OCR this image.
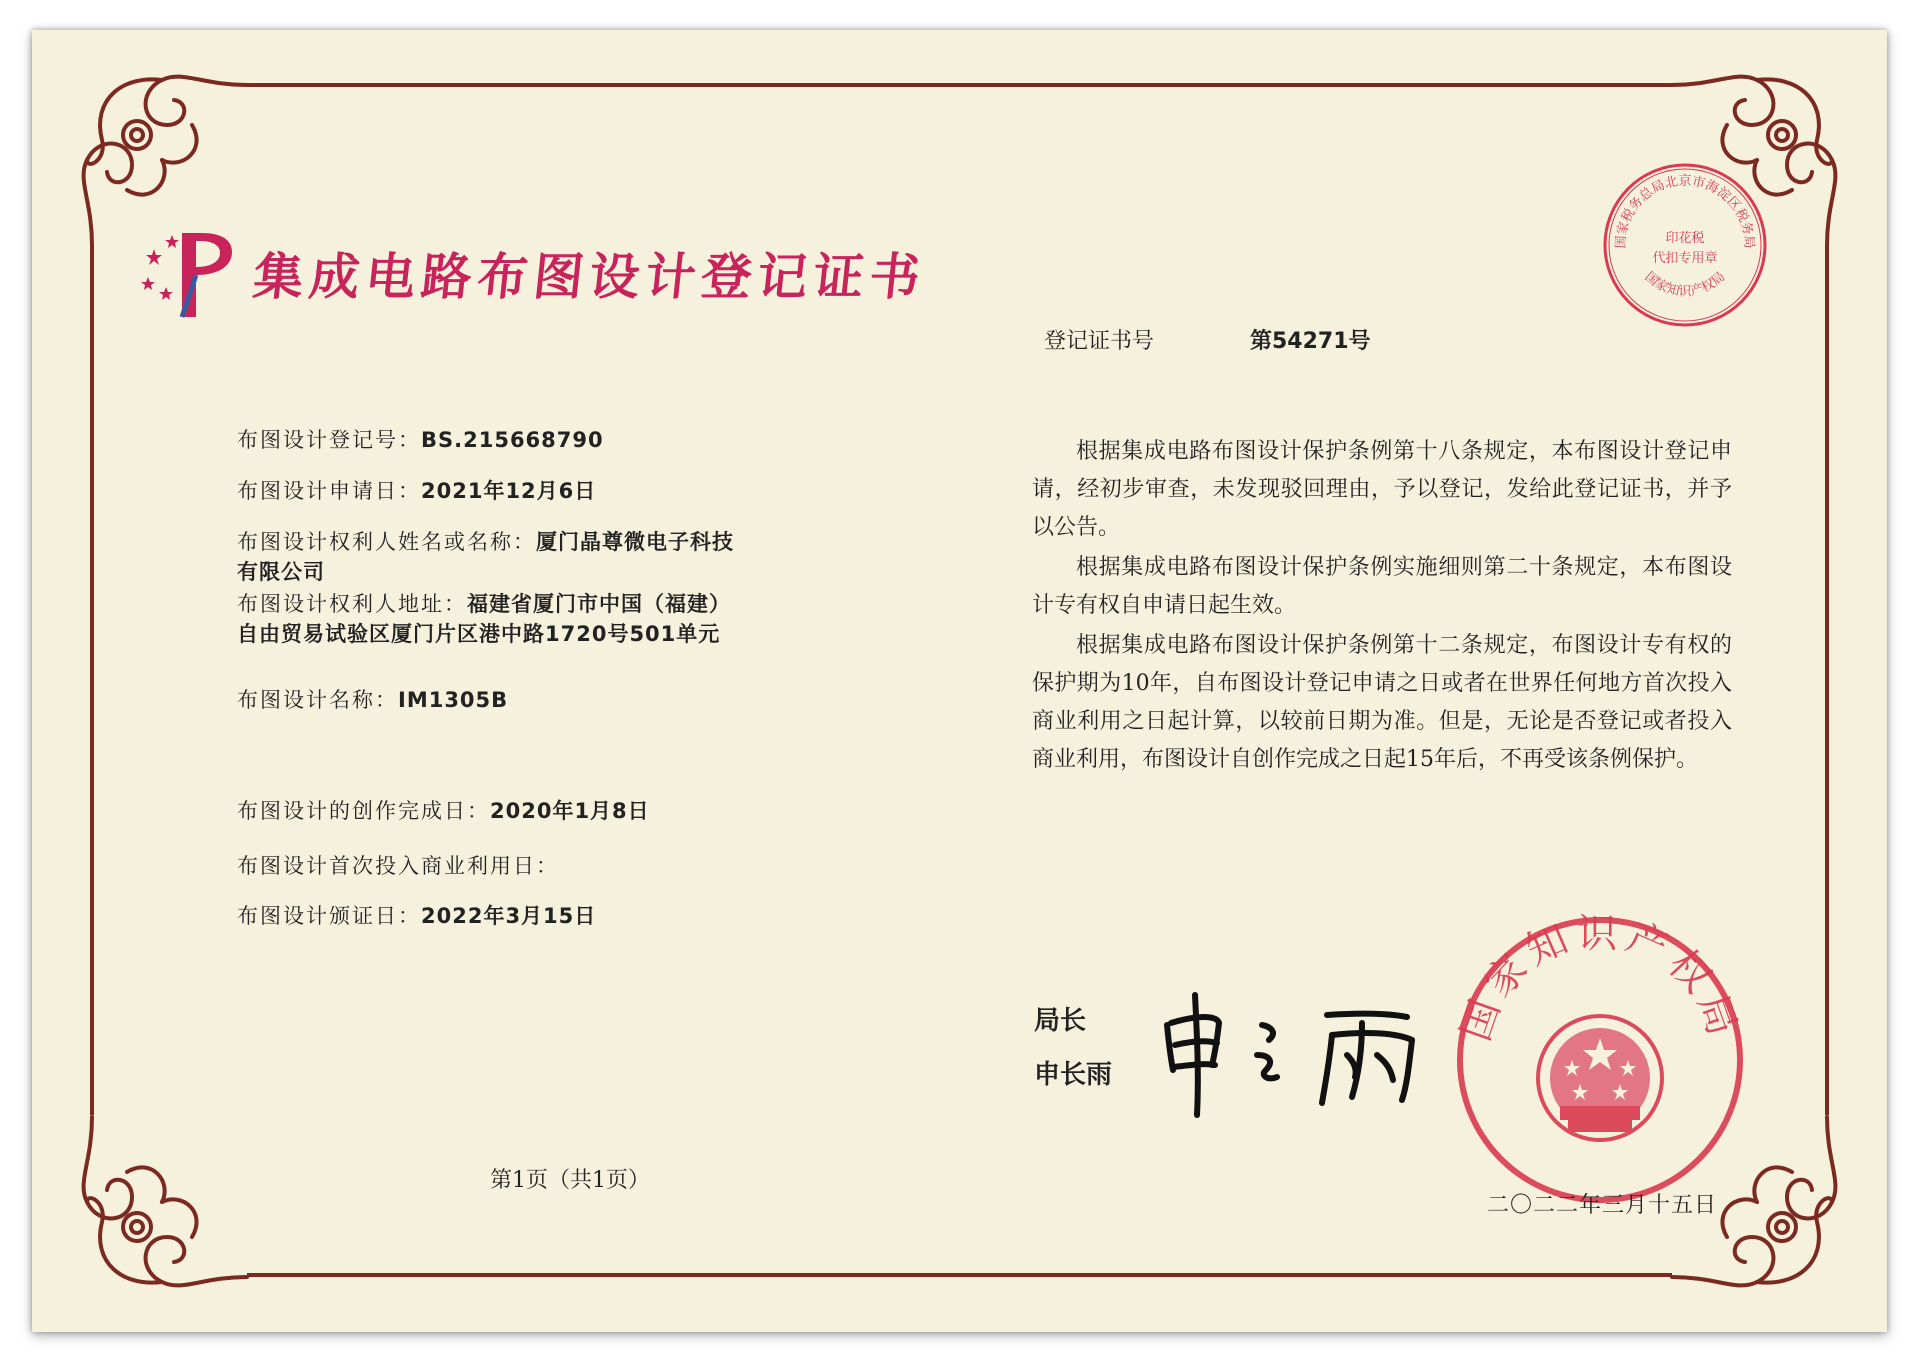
集成电路布图设计登记证书
国家税务总局北京市海淀区税务局
印花税
代扣专用章
国家知识产权局
登记证书号	第54271号
布图设计登记号：BS.215668790
布图设计申请日：2021年12月6日
布图设计权利人姓名或名称：厦门晶尊微电子科技
有限公司
布图设计权利人地址：福建省厦门市中国（福建）
自由贸易试验区厦门片区港中路1720号501单元
布图设计名称：IM1305B
布图设计的创作完成日：2020年1月8日
布图设计首次投入商业利用日：
布图设计颁证日：2022年3月15日

根据集成电路布图设计保护条例第十八条规定，本布图设计登记申请，经初步审查，未发现驳回理由，予以登记，发给此登记证书，并予以公告。

根据集成电路布图设计保护条例实施细则第二十条规定，本布图设计专有权自申请日起生效。

根据集成电路布图设计保护条例第十二条规定，布图设计专有权的保护期为10年，自布图设计登记申请之日或者在世界任何地方首次投入商业利用之日起计算，以较前日期为准。但是，无论是否登记或者投入商业利用，布图设计自创作完成之日起15年后，不再受该条例保护。

局长
申长雨
国家知识产权局
二〇二二年三月十五日
第1页（共1页）
